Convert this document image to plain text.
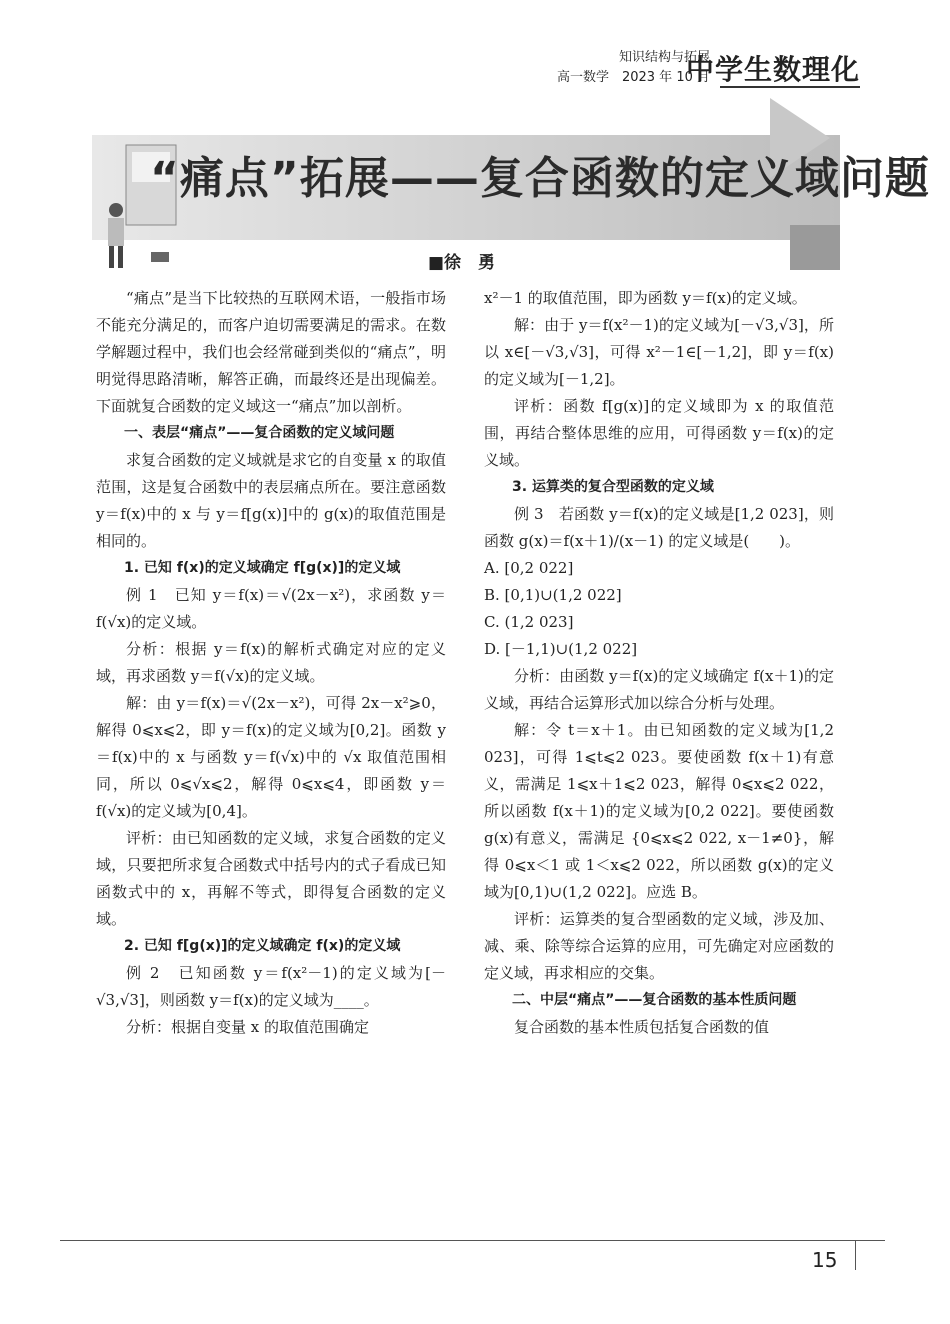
知识结构与拓展
高一数学　2023 年 10 月
中学生数理化
“痛点”拓展——复合函数的定义域问题
■徐　勇

“痛点”是当下比较热的互联网术语，一般指市场不能充分满足的，而客户迫切需要满足的需求。在数学解题过程中，我们也会经常碰到类似的“痛点”，明明觉得思路清晰，解答正确，而最终还是出现偏差。下面就复合函数的定义域这一“痛点”加以剖析。

一、表层“痛点”——复合函数的定义域问题

求复合函数的定义域就是求它的自变量 x 的取值范围，这是复合函数中的表层痛点所在。要注意函数 y＝f(x)中的 x 与 y＝f[g(x)]中的 g(x)的取值范围是相同的。

1. 已知 f(x)的定义域确定 f[g(x)]的定义域

例 1　已知 y＝f(x)＝√(2x－x²)，求函数 y＝f(√x)的定义域。

分析：根据 y＝f(x)的解析式确定对应的定义域，再求函数 y＝f(√x)的定义域。

解：由 y＝f(x)＝√(2x－x²)，可得 2x－x²⩾0，解得 0⩽x⩽2，即 y＝f(x)的定义域为[0,2]。函数 y＝f(x)中的 x 与函数 y＝f(√x)中的 √x 取值范围相同，所以 0⩽√x⩽2，解得 0⩽x⩽4，即函数 y＝f(√x)的定义域为[0,4]。

评析：由已知函数的定义域，求复合函数的定义域，只要把所求复合函数式中括号内的式子看成已知函数式中的 x，再解不等式，即得复合函数的定义域。

2. 已知 f[g(x)]的定义域确定 f(x)的定义域

例 2　已知函数 y＝f(x²－1)的定义域为[－√3,√3]，则函数 y＝f(x)的定义域为____。

分析：根据自变量 x 的取值范围确定

x²－1 的取值范围，即为函数 y＝f(x)的定义域。

解：由于 y＝f(x²－1)的定义域为[－√3,√3]，所以 x∈[－√3,√3]，可得 x²－1∈[－1,2]，即 y＝f(x)的定义域为[－1,2]。

评析：函数 f[g(x)]的定义域即为 x 的取值范围，再结合整体思维的应用，可得函数 y＝f(x)的定义域。

3. 运算类的复合型函数的定义域

例 3　若函数 y＝f(x)的定义域是[1,2 023]，则函数 g(x)＝f(x＋1)/(x－1) 的定义域是(　　)。

A. [0,2 022]

B. [0,1)∪(1,2 022]

C. (1,2 023]

D. [－1,1)∪(1,2 022]

分析：由函数 y＝f(x)的定义域确定 f(x＋1)的定义域，再结合运算形式加以综合分析与处理。

解：令 t＝x＋1。由已知函数的定义域为[1,2 023]，可得 1⩽t⩽2 023。要使函数 f(x＋1)有意义，需满足 1⩽x＋1⩽2 023，解得 0⩽x⩽2 022，所以函数 f(x＋1)的定义域为[0,2 022]。要使函数 g(x)有意义，需满足 {0⩽x⩽2 022, x－1≠0}，解得 0⩽x＜1 或 1＜x⩽2 022，所以函数 g(x)的定义域为[0,1)∪(1,2 022]。应选 B。

评析：运算类的复合型函数的定义域，涉及加、减、乘、除等综合运算的应用，可先确定对应函数的定义域，再求相应的交集。

二、中层“痛点”——复合函数的基本性质问题

复合函数的基本性质包括复合函数的值

15
